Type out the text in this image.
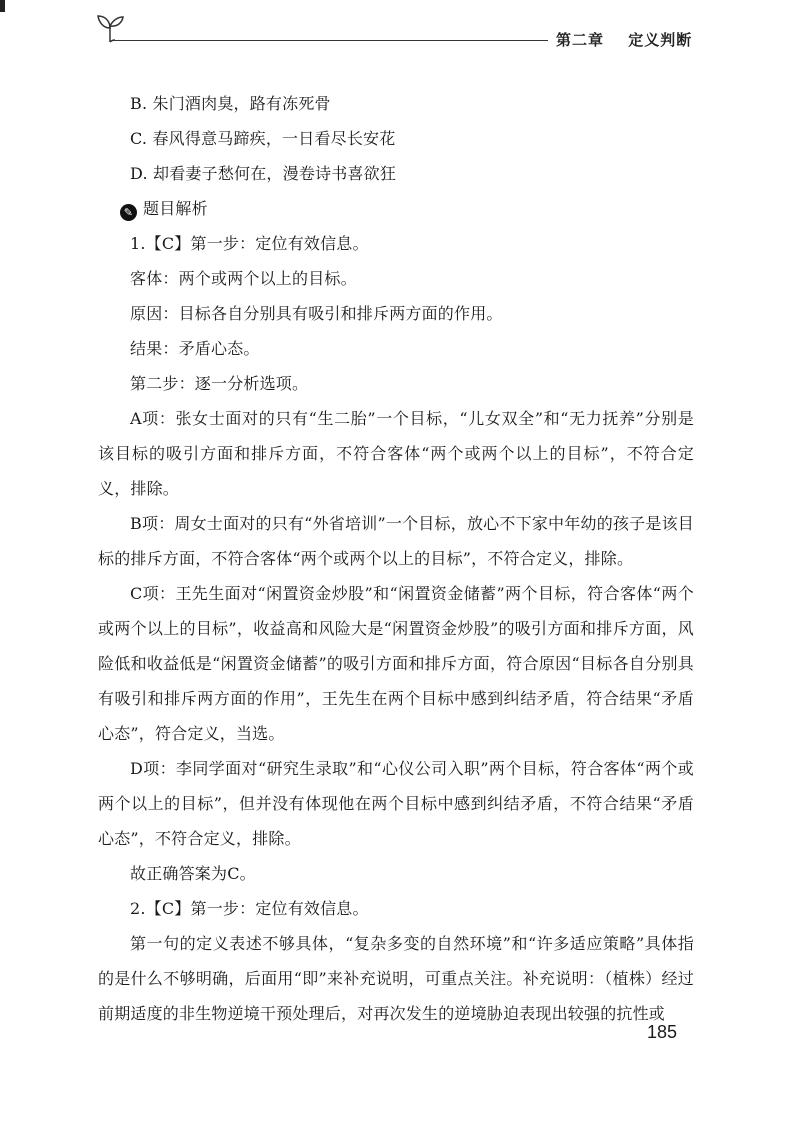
第二章 定义判断

B. 朱门酒肉臭，路有冻死骨

C. 春风得意马蹄疾，一日看尽长安花

D. 却看妻子愁何在，漫卷诗书喜欲狂

✎ 题目解析

1.【C】第一步：定位有效信息。

客体：两个或两个以上的目标。

原因：目标各自分别具有吸引和排斥两方面的作用。

结果：矛盾心态。

第二步：逐一分析选项。

A项：张女士面对的只有“生二胎”一个目标，“儿女双全”和“无力抚养”分别是该目标的吸引方面和排斥方面，不符合客体“两个或两个以上的目标”，不符合定义，排除。

B项：周女士面对的只有“外省培训”一个目标，放心不下家中年幼的孩子是该目标的排斥方面，不符合客体“两个或两个以上的目标”，不符合定义，排除。

C项：王先生面对“闲置资金炒股”和“闲置资金储蓄”两个目标，符合客体“两个或两个以上的目标”，收益高和风险大是“闲置资金炒股”的吸引方面和排斥方面，风险低和收益低是“闲置资金储蓄”的吸引方面和排斥方面，符合原因“目标各自分别具有吸引和排斥两方面的作用”，王先生在两个目标中感到纠结矛盾，符合结果“矛盾心态”，符合定义，当选。

D项：李同学面对“研究生录取”和“心仪公司入职”两个目标，符合客体“两个或两个以上的目标”，但并没有体现他在两个目标中感到纠结矛盾，不符合结果“矛盾心态”，不符合定义，排除。

故正确答案为C。

2.【C】第一步：定位有效信息。

第一句的定义表述不够具体，“复杂多变的自然环境”和“许多适应策略”具体指的是什么不够明确，后面用“即”来补充说明，可重点关注。补充说明：（植株）经过前期适度的非生物逆境干预处理后，对再次发生的逆境胁迫表现出较强的抗性或

185
